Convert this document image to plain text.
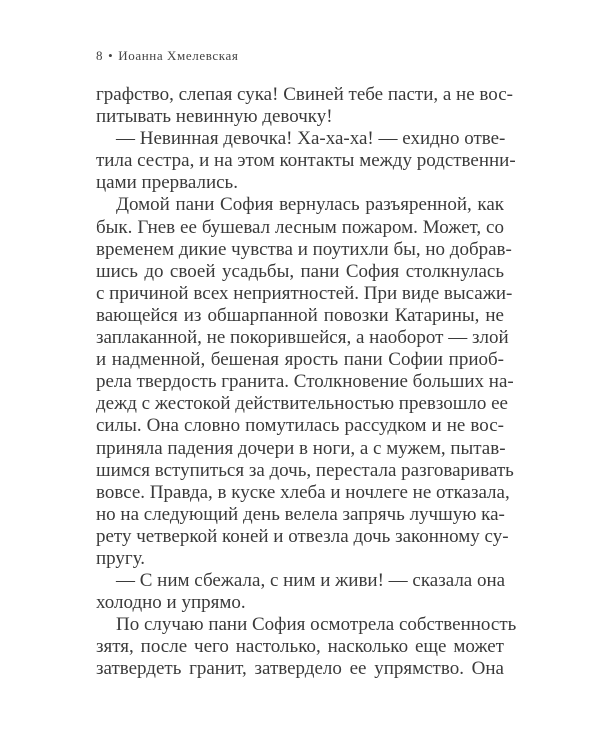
8 • Иоанна Хмелевская
графство, слепая сука! Свиней тебе пасти, а не вос-
питывать невинную девочку!
— Невинная девочка! Ха-ха-ха! — ехидно отве-
тила сестра, и на этом контакты между родственни-
цами прервались.
Домой пани София вернулась разъяренной, как
бык. Гнев ее бушевал лесным пожаром. Может, со
временем дикие чувства и поутихли бы, но добрав-
шись до своей усадьбы, пани София столкнулась
с причиной всех неприятностей. При виде высажи-
вающейся из обшарпанной повозки Катарины, не
заплаканной, не покорившейся, а наоборот — злой
и надменной, бешеная ярость пани Софии приоб-
рела твердость гранита. Столкновение больших на-
дежд с жестокой действительностью превзошло ее
силы. Она словно помутилась рассудком и не вос-
приняла падения дочери в ноги, а с мужем, пытав-
шимся вступиться за дочь, перестала разговаривать
вовсе. Правда, в куске хлеба и ночлеге не отказала,
но на следующий день велела запрячь лучшую ка-
рету четверкой коней и отвезла дочь законному су-
пругу.
— С ним сбежала, с ним и живи! — сказала она
холодно и упрямо.
По случаю пани София осмотрела собственность
зятя, после чего настолько, насколько еще может
затвердеть гранит, затвердело ее упрямство. Она
